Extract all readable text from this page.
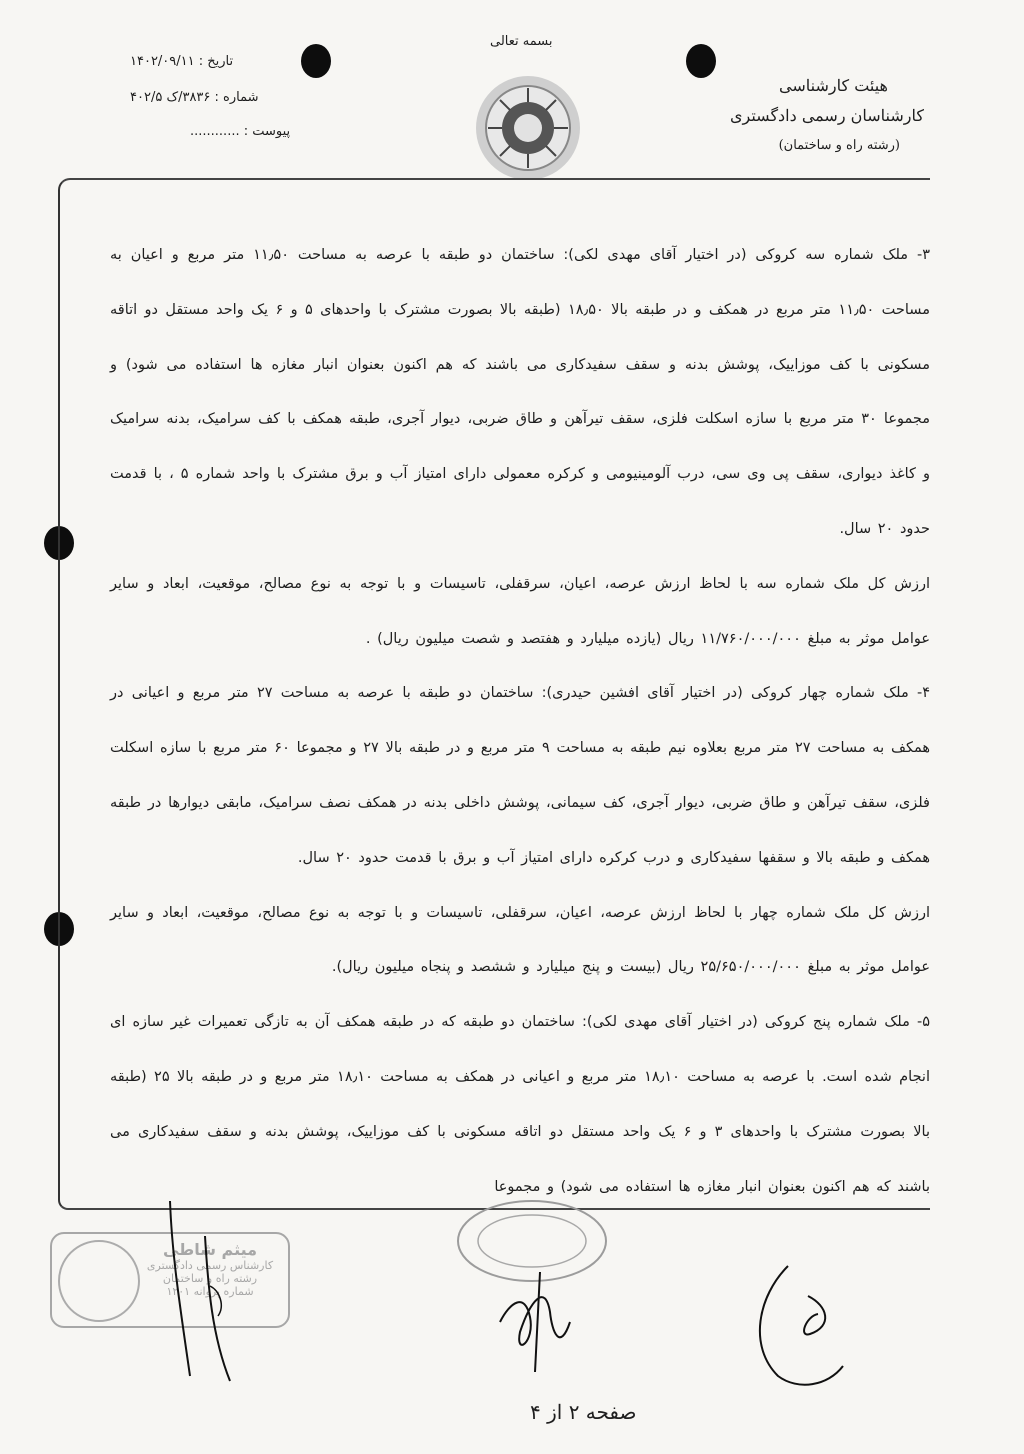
بسمه تعالی
تاریخ : ۱۴۰۲/۰۹/۱۱
شماره : ۳۸۳۶/ک ۴۰۲/۵
پیوست : ............
هیئت کارشناسی
کارشناسان رسمی دادگستری
(رشته راه و ساختمان)

۳- ملک شماره سه کروکی (در اختیار آقای مهدی لکی): ساختمان دو طبقه با عرصه به مساحت ۱۱٫۵۰ متر مربع و اعیان به مساحت ۱۱٫۵۰ متر مربع در همکف و در طبقه بالا ۱۸٫۵۰ (طبقه بالا بصورت مشترک با واحدهای ۵ و ۶ یک واحد مستقل دو اتاقه مسکونی با کف موزاییک، پوشش بدنه و سقف سفیدکاری می باشند که هم اکنون بعنوان انبار مغازه ها استفاده می شود) و مجموعا ۳۰ متر مربع با سازه اسکلت فلزی، سقف تیرآهن و طاق ضربی، دیوار آجری، طبقه همکف با کف سرامیک، بدنه سرامیک و کاغذ دیواری، سقف پی وی سی، درب آلومینیومی و کرکره معمولی دارای امتیاز آب و برق مشترک با واحد شماره ۵ ، با قدمت حدود ۲۰ سال.

ارزش کل ملک شماره سه با لحاظ ارزش عرصه، اعیان، سرقفلی، تاسیسات و با توجه به نوع مصالح، موقعیت، ابعاد و سایر عوامل موثر به مبلغ ۱۱/۷۶۰/۰۰۰/۰۰۰ ریال (یازده میلیارد و هفتصد و شصت میلیون ریال) .

۴- ملک شماره چهار کروکی (در اختیار آقای افشین حیدری): ساختمان دو طبقه با عرصه به مساحت ۲۷ متر مربع و اعیانی در همکف به مساحت ۲۷ متر مربع بعلاوه نیم طبقه به مساحت ۹ متر مربع و در طبقه بالا ۲۷ و مجموعا ۶۰ متر مربع با سازه اسکلت فلزی، سقف تیرآهن و طاق ضربی، دیوار آجری، کف سیمانی، پوشش داخلی بدنه در همکف نصف سرامیک، مابقی دیوارها در طبقه همکف و طبقه بالا و سقفها سفیدکاری و درب کرکره دارای امتیاز آب و برق با قدمت حدود ۲۰ سال.

ارزش کل ملک شماره چهار با لحاظ ارزش عرصه، اعیان، سرقفلی، تاسیسات و با توجه به نوع مصالح، موقعیت، ابعاد و سایر عوامل موثر به مبلغ ۲۵/۶۵۰/۰۰۰/۰۰۰ ریال (بیست و پنج میلیارد و ششصد و پنجاه میلیون ریال).

۵- ملک شماره پنج کروکی (در اختیار آقای مهدی لکی): ساختمان دو طبقه که در طبقه همکف آن به تازگی تعمیرات غیر سازه ای انجام شده است. با عرصه به مساحت ۱۸٫۱۰ متر مربع و اعیانی در همکف به مساحت ۱۸٫۱۰ متر مربع و در طبقه بالا ۲۵ (طبقه بالا بصورت مشترک با واحدهای ۳ و ۶ یک واحد مستقل دو اتاقه مسکونی با کف موزاییک، پوشش بدنه و سقف سفیدکاری می باشند که هم اکنون بعنوان انبار مغازه ها استفاده می شود) و مجموعا

میثم شاطی
کارشناس رسمی دادگستری
رشته راه و ساختمان
شماره پروانه ۱۲۰۱
صفحه ۲ از ۴
